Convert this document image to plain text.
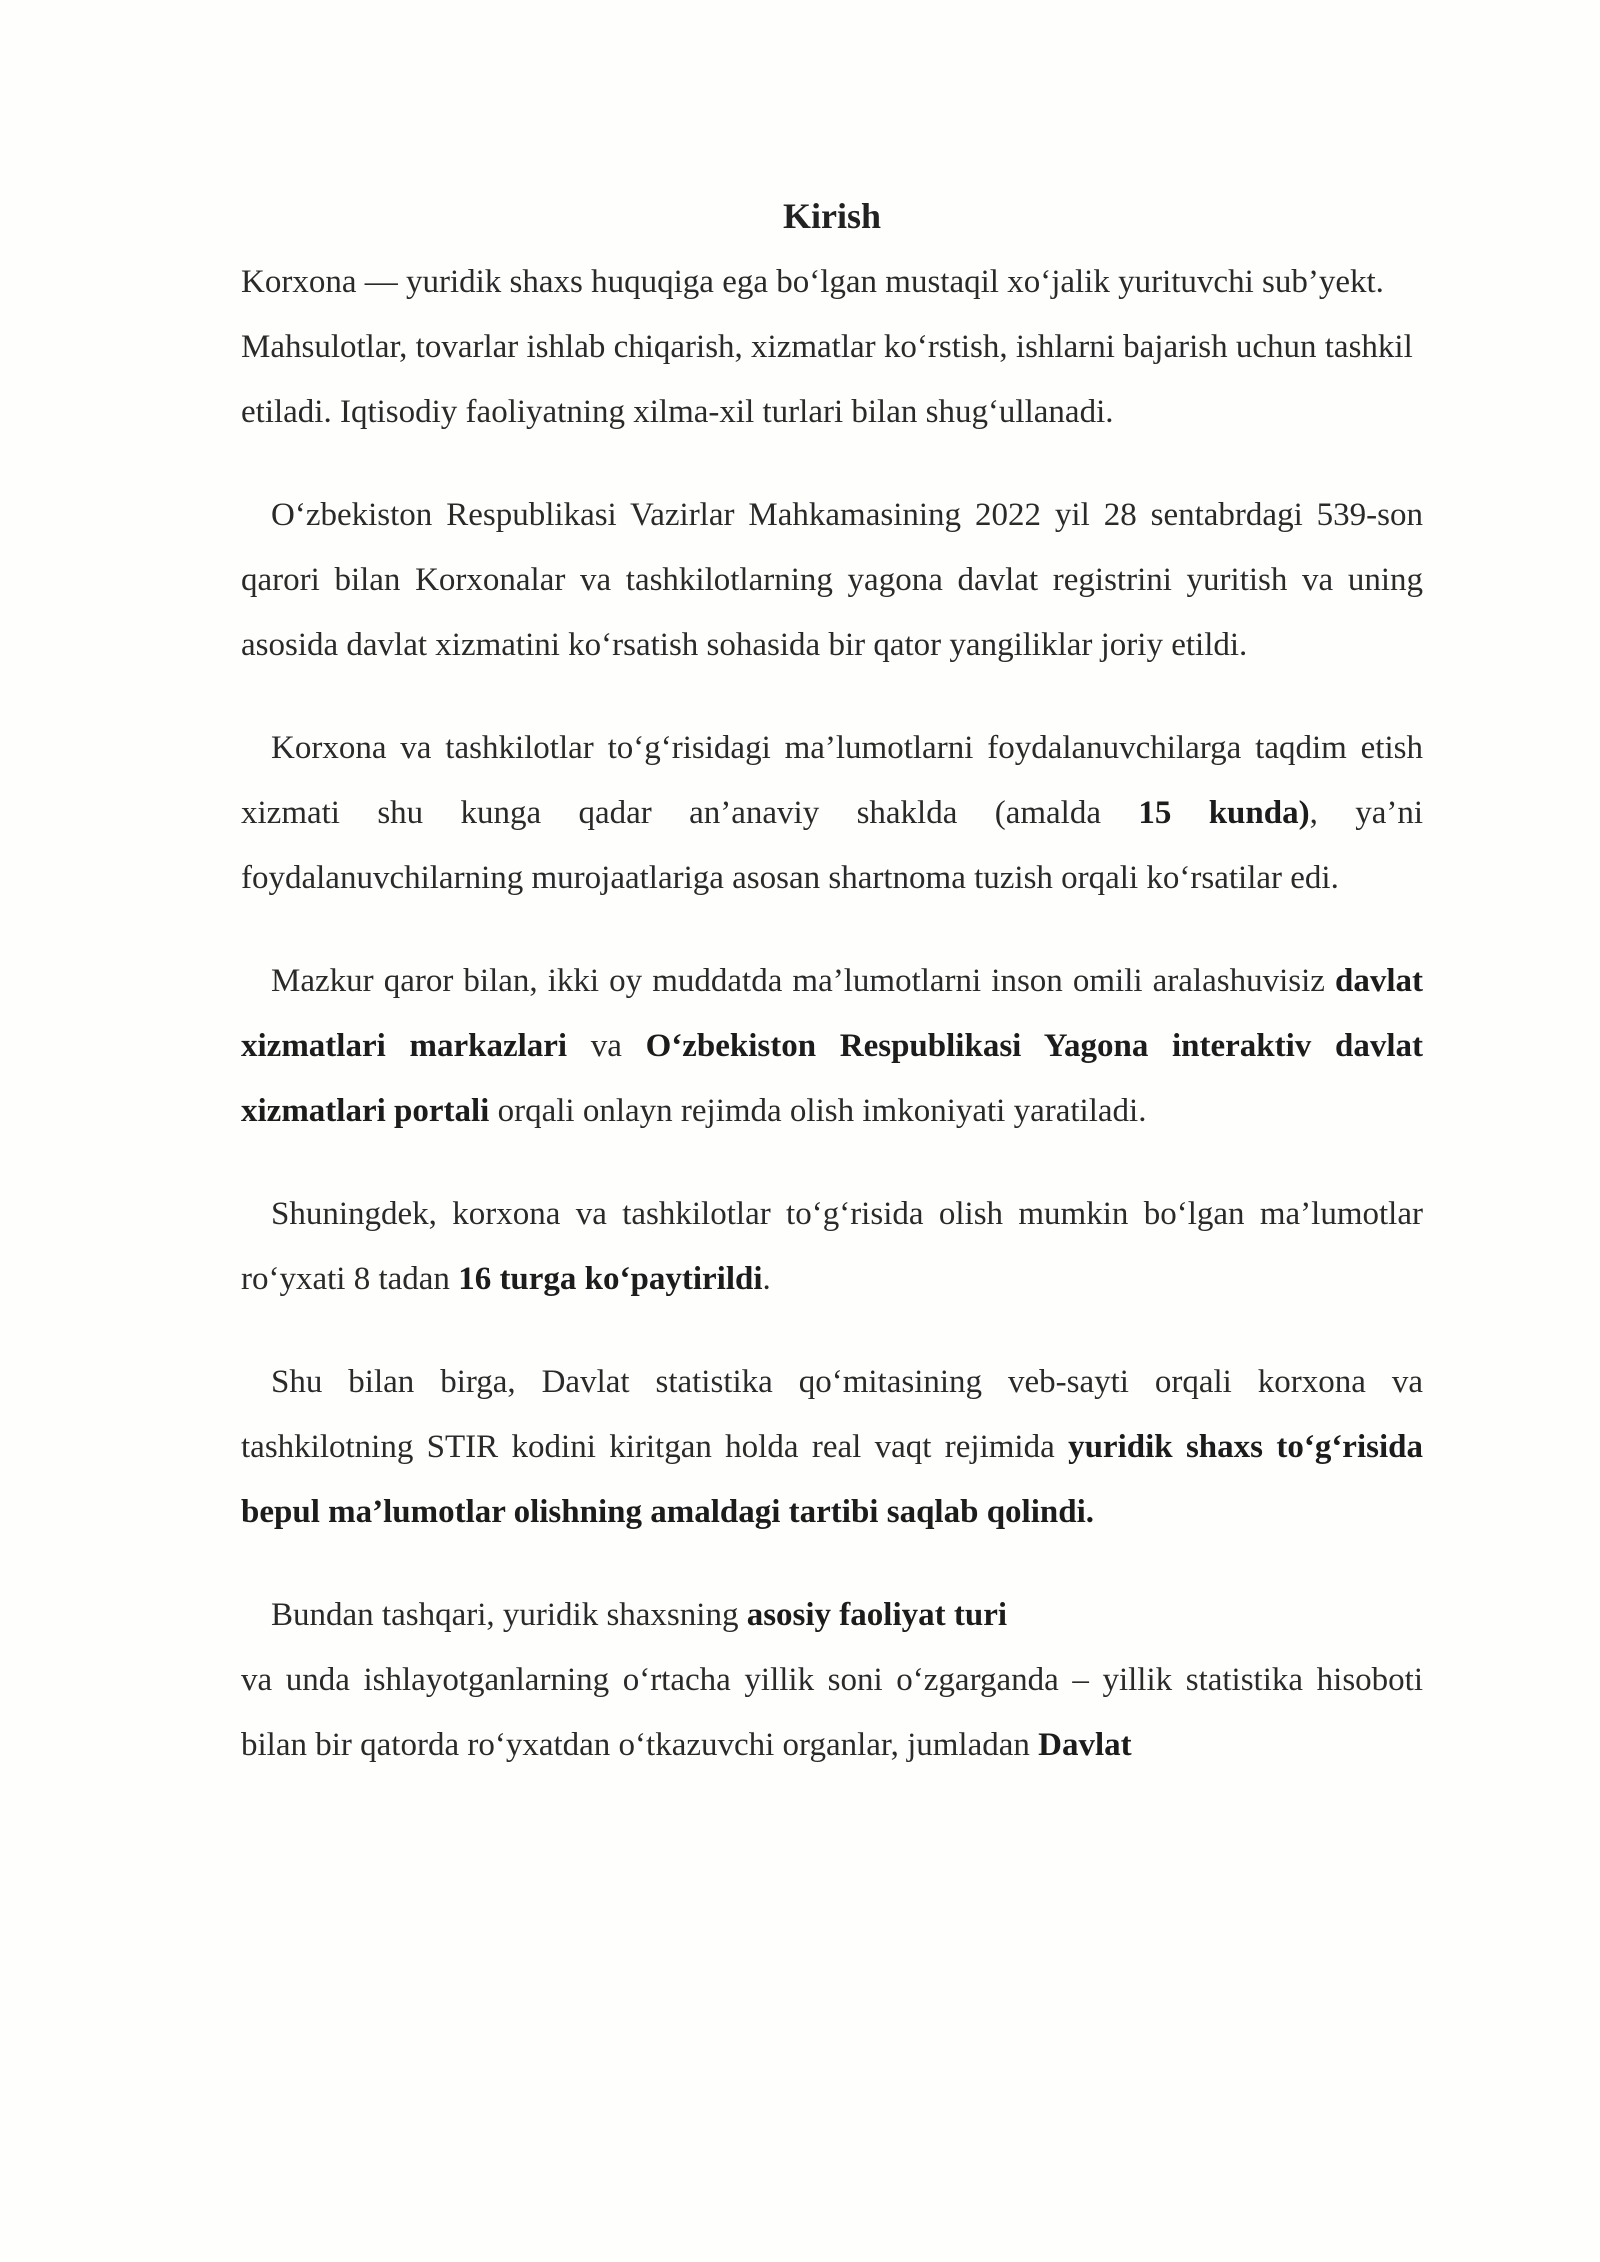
Kirish

Korxona — yuridik shaxs huquqiga ega bo‘lgan mustaqil xo‘jalik yurituvchi sub’yekt. Mahsulotlar, tovarlar ishlab chiqarish, xizmatlar ko‘rstish, ishlarni bajarish uchun tashkil etiladi. Iqtisodiy faoliyatning xilma-xil turlari bilan shug‘ullanadi.

O‘zbekiston Respublikasi Vazirlar Mahkamasining 2022 yil 28 sentabrdagi 539-son qarori bilan Korxonalar va tashkilotlarning yagona davlat registrini yuritish va uning asosida davlat xizmatini ko‘rsatish sohasida bir qator yangiliklar joriy etildi.

Korxona va tashkilotlar to‘g‘risidagi ma’lumotlarni foydalanuvchilarga taqdim etish xizmati shu kunga qadar an’anaviy shaklda (amalda 15 kunda), ya’ni foydalanuvchilarning murojaatlariga asosan shartnoma tuzish orqali ko‘rsatilar edi.

Mazkur qaror bilan, ikki oy muddatda ma’lumotlarni inson omili aralashuvisiz davlat xizmatlari markazlari va O‘zbekiston Respublikasi Yagona interaktiv davlat xizmatlari portali orqali onlayn rejimda olish imkoniyati yaratiladi.

Shuningdek, korxona va tashkilotlar to‘g‘risida olish mumkin bo‘lgan ma’lumotlar ro‘yxati 8 tadan 16 turga ko‘paytirildi.

Shu bilan birga, Davlat statistika qo‘mitasining veb-sayti orqali korxona va tashkilotning STIR kodini kiritgan holda real vaqt rejimida yuridik shaxs to‘g‘risida bepul ma’lumotlar olishning amaldagi tartibi saqlab qolindi.

Bundan tashqari, yuridik shaxsning asosiy faoliyat turi

va unda ishlayotganlarning o‘rtacha yillik soni o‘zgarganda – yillik statistika hisoboti bilan bir qatorda ro‘yxatdan o‘tkazuvchi organlar, jumladan Davlat
